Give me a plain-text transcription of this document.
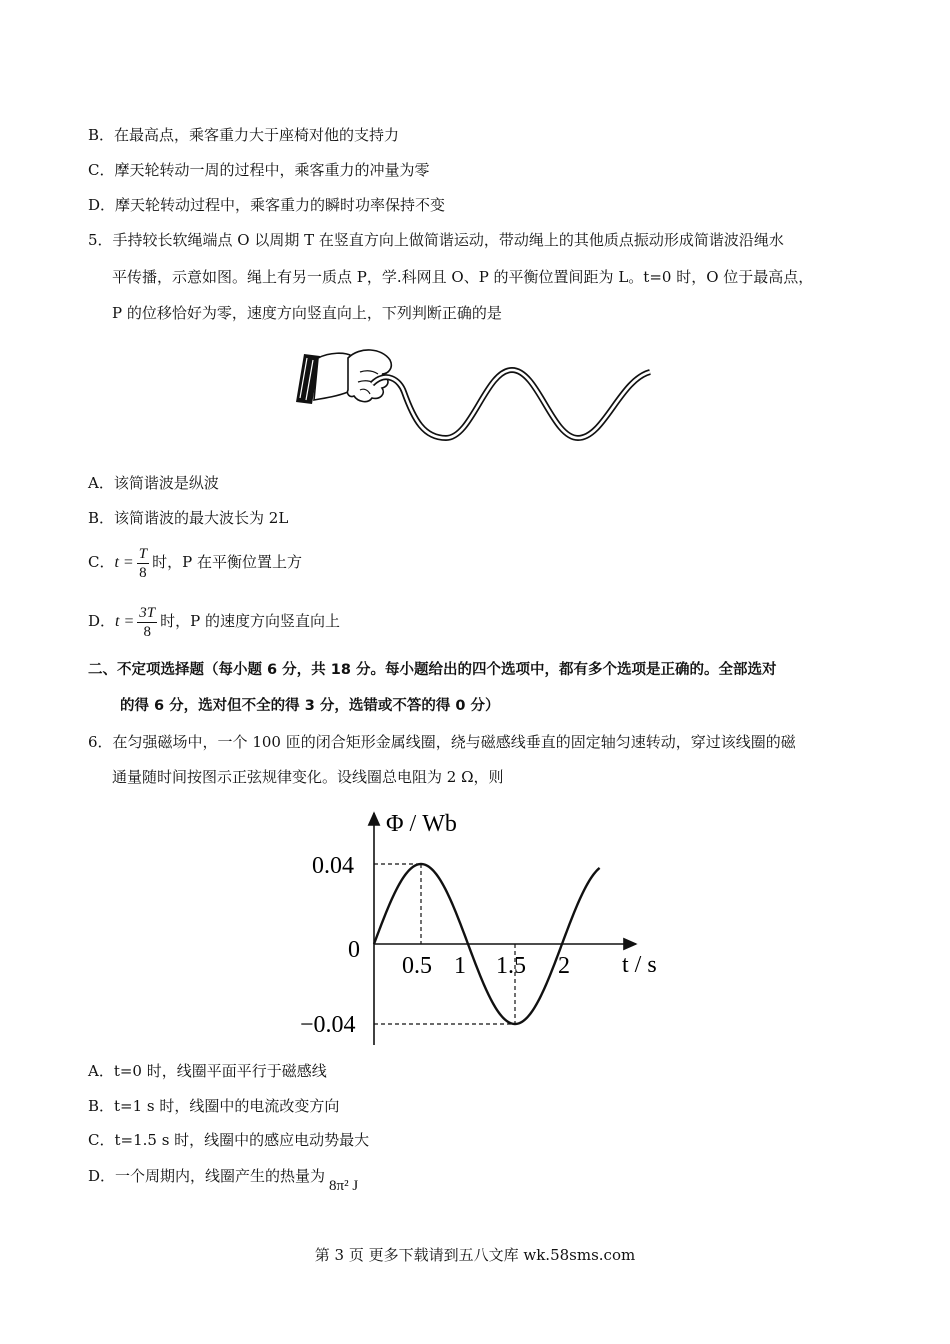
B．在最高点，乘客重力大于座椅对他的支持力
C．摩天轮转动一周的过程中，乘客重力的冲量为零
D．摩天轮转动过程中，乘客重力的瞬时功率保持不变
5．手持较长软绳端点 O 以周期 T 在竖直方向上做简谐运动，带动绳上的其他质点振动形成简谐波沿绳水
平传播，示意如图。绳上有另一质点 P，学.科网且 O、P 的平衡位置间距为 L。t=0 时，O 位于最高点，
P 的位移恰好为零，速度方向竖直向上，下列判断正确的是
A．该简谐波是纵波
B．该简谐波的最大波长为 2L
C．$t = \frac{T}{8}$ 时，P 在平衡位置上方
D．$t = \frac{3T}{8}$ 时，P 的速度方向竖直向上
二、不定项选择题（每小题 6 分，共 18 分。每小题给出的四个选项中，都有多个选项是正确的。全部选对
的得 6 分，选对但不全的得 3 分，选错或不答的得 0 分）
6．在匀强磁场中，一个 100 匝的闭合矩形金属线圈，绕与磁感线垂直的固定轴匀速转动，穿过该线圈的磁
通量随时间按图示正弦规律变化。设线圈总电阻为 2 Ω，则
Φ / Wb
t / s
0.04
0
−0.04
0.5 1 1.5 2
A．t=0 时，线圈平面平行于磁感线
B．t=1 s 时，线圈中的电流改变方向
C．t=1.5 s 时，线圈中的感应电动势最大
D．一个周期内，线圈产生的热量为8π² J
第 3 页 更多下载请到五八文库 wk.58sms.com
